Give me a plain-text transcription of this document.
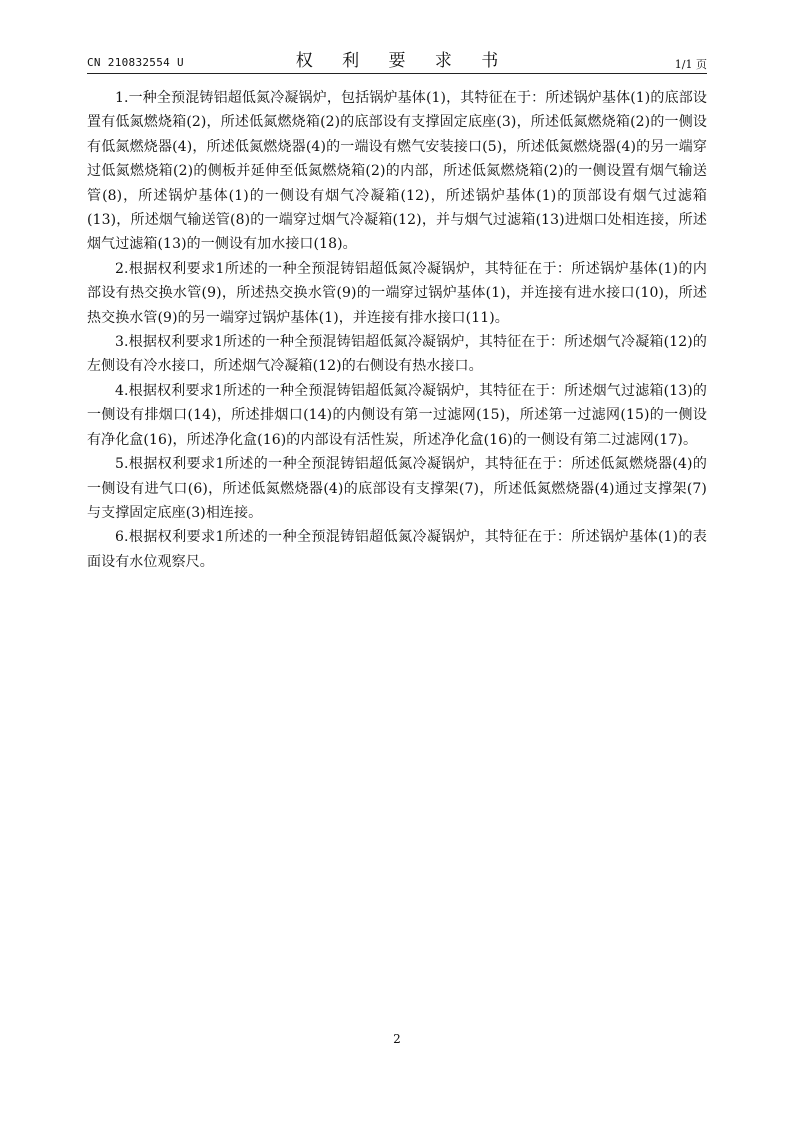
CN 210832554 U	权 利 要 求 书	1/1 页

1.一种全预混铸铝超低氮冷凝锅炉，包括锅炉基体(1)，其特征在于：所述锅炉基体(1)的底部设置有低氮燃烧箱(2)，所述低氮燃烧箱(2)的底部设有支撑固定底座(3)，所述低氮燃烧箱(2)的一侧设有低氮燃烧器(4)，所述低氮燃烧器(4)的一端设有燃气安装接口(5)，所述低氮燃烧器(4)的另一端穿过低氮燃烧箱(2)的侧板并延伸至低氮燃烧箱(2)的内部，所述低氮燃烧箱(2)的一侧设置有烟气输送管(8)，所述锅炉基体(1)的一侧设有烟气冷凝箱(12)，所述锅炉基体(1)的顶部设有烟气过滤箱(13)，所述烟气输送管(8)的一端穿过烟气冷凝箱(12)，并与烟气过滤箱(13)进烟口处相连接，所述烟气过滤箱(13)的一侧设有加水接口(18)。

2.根据权利要求1所述的一种全预混铸铝超低氮冷凝锅炉，其特征在于：所述锅炉基体(1)的内部设有热交换水管(9)，所述热交换水管(9)的一端穿过锅炉基体(1)，并连接有进水接口(10)，所述热交换水管(9)的另一端穿过锅炉基体(1)，并连接有排水接口(11)。

3.根据权利要求1所述的一种全预混铸铝超低氮冷凝锅炉，其特征在于：所述烟气冷凝箱(12)的左侧设有冷水接口，所述烟气冷凝箱(12)的右侧设有热水接口。

4.根据权利要求1所述的一种全预混铸铝超低氮冷凝锅炉，其特征在于：所述烟气过滤箱(13)的一侧设有排烟口(14)，所述排烟口(14)的内侧设有第一过滤网(15)，所述第一过滤网(15)的一侧设有净化盒(16)，所述净化盒(16)的内部设有活性炭，所述净化盒(16)的一侧设有第二过滤网(17)。

5.根据权利要求1所述的一种全预混铸铝超低氮冷凝锅炉，其特征在于：所述低氮燃烧器(4)的一侧设有进气口(6)，所述低氮燃烧器(4)的底部设有支撑架(7)，所述低氮燃烧器(4)通过支撑架(7)与支撑固定底座(3)相连接。

6.根据权利要求1所述的一种全预混铸铝超低氮冷凝锅炉，其特征在于：所述锅炉基体(1)的表面设有水位观察尺。

2
